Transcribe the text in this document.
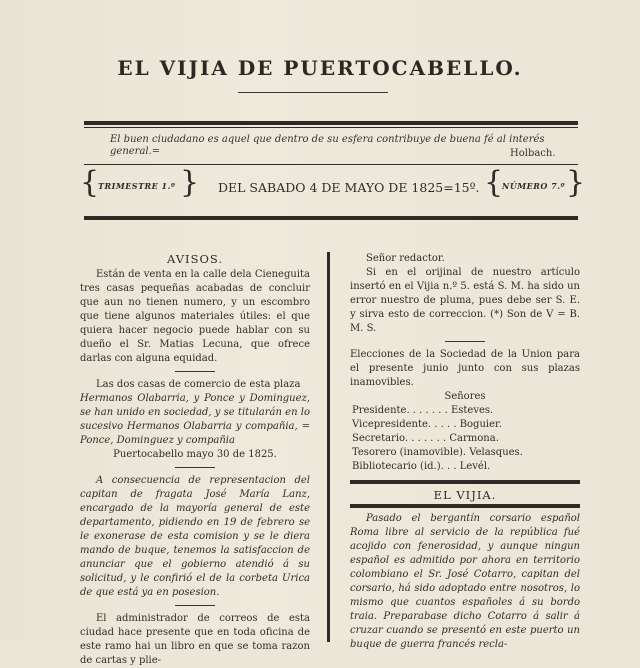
EL VIJIA DE PUERTOCABELLO.
El buen ciudadano es aquel que dentro de su esfera contribuye de buena fé al interés general.=	Holbach.
{
TRIMESTRE 1.º } DEL SABADO 4 DE MAYO DE 1825=15º. {
NÚMERO 7.º }
AVISOS.

Están de venta en la calle dela Cieneguita tres casas pequeñas acabadas de concluir que aun no tienen numero, y un escombro que tiene algunos materiales útiles: el que quiera hacer negocio puede hablar con su dueño el Sr. Matias Lecuna, que ofrece darlas con alguna equidad.

Las dos casas de comercio de esta plaza

Hermanos Olabarria, y Ponce y Dominguez, se han unido en sociedad, y se titularán en lo sucesivo Hermanos Olabarria y compañia, = Ponce, Dominguez y compañia

Puertocabello mayo 30 de 1825.

A consecuencia de representacion del capitan de fragata José María Lanz, encargado de la mayoría general de este departamento, pidiendo en 19 de febrero se le exonerase de esta comision y se le diera mando de buque, tenemos la satisfaccion de anunciar que el gobierno atendió á su solicitud, y le confirió el de la corbeta Urica de que está ya en posesion.

El administrador de correos de esta ciudad hace presente que en toda oficina de este ramo hai un libro en que se toma razon de cartas y plie-

Señor redactor.

Si en el orijinal de nuestro artículo insertó en el Vijia n.º 5. está S. M. ha sido un error nuestro de pluma, pues debe ser S. E. y sirva esto de correccion. (*) Son de V = B. M. S.

Elecciones de la Sociedad de la Union para el presente junio junto con sus plazas inamovibles.

Señores

Presidente. . . . . . . Esteves.
Vicepresidente. . . . . Boguier.
Secretario. . . . . . . Carmona.
Tesorero (inamovible). Velasques.
Bibliotecario (id.). . . Levél.
EL VIJIA.

Pasado el bergantín corsario español Roma libre al servicio de la república fué acojido con fenerosidad, y aunque ningun español es admitido por ahora en territorio colombiano el Sr. José Cotarro, capitan del corsario, há sido adoptado entre nosotros, lo mismo que cuantos españoles á su bordo traia. Preparabase dicho Cotarro á salir á cruzar cuando se presentó en este puerto un buque de guerra francés recla-
